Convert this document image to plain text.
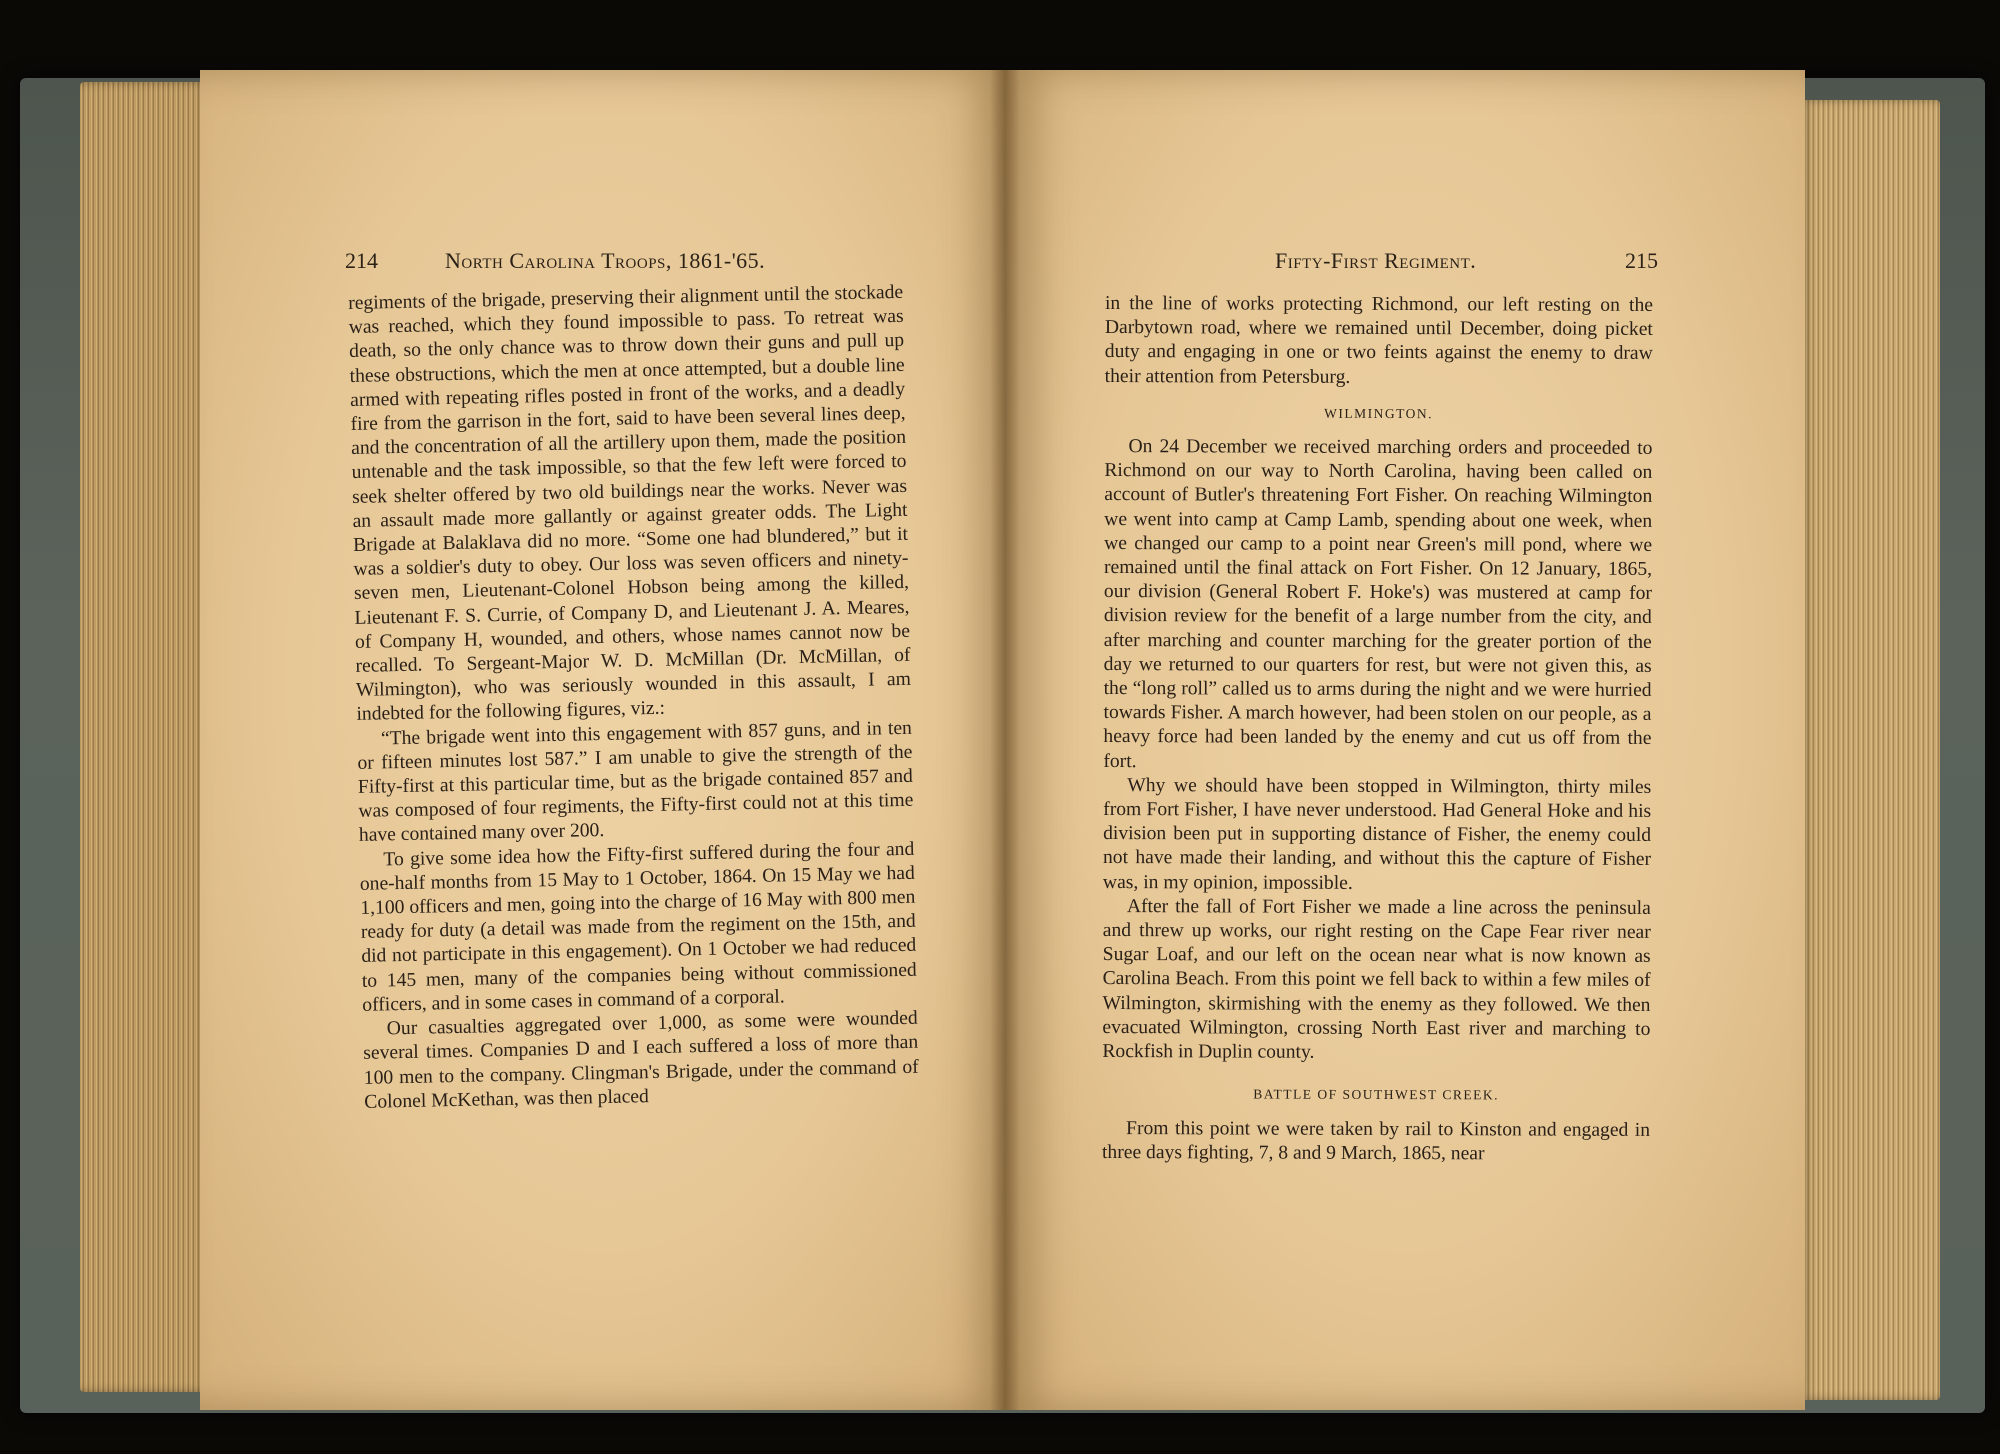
214	North Carolina Troops, 1861-'65.	Fifty-First Regiment.	215

regiments of the brigade, preserving their alignment until the stockade was reached, which they found impossible to pass. To retreat was death, so the only chance was to throw down their guns and pull up these obstructions, which the men at once attempted, but a double line armed with repeating rifles posted in front of the works, and a deadly fire from the garrison in the fort, said to have been several lines deep, and the concentration of all the artillery upon them, made the position untenable and the task impossible, so that the few left were forced to seek shelter offered by two old buildings near the works. Never was an assault made more gallantly or against greater odds. The Light Brigade at Balaklava did no more. “Some one had blundered,” but it was a soldier's duty to obey. Our loss was seven officers and ninety-seven men, Lieutenant-Colonel Hobson being among the killed, Lieutenant F. S. Currie, of Company D, and Lieutenant J. A. Meares, of Company H, wounded, and others, whose names cannot now be recalled. To Sergeant-Major W. D. McMillan (Dr. McMillan, of Wilmington), who was seriously wounded in this assault, I am indebted for the following figures, viz.:

“The brigade went into this engagement with 857 guns, and in ten or fifteen minutes lost 587.” I am unable to give the strength of the Fifty-first at this particular time, but as the brigade contained 857 and was composed of four regiments, the Fifty-first could not at this time have contained many over 200.

To give some idea how the Fifty-first suffered during the four and one-half months from 15 May to 1 October, 1864. On 15 May we had 1,100 officers and men, going into the charge of 16 May with 800 men ready for duty (a detail was made from the regiment on the 15th, and did not participate in this engagement). On 1 October we had reduced to 145 men, many of the companies being without commissioned officers, and in some cases in command of a corporal.

Our casualties aggregated over 1,000, as some were wounded several times. Companies D and I each suffered a loss of more than 100 men to the company. Clingman's Brigade, under the command of Colonel McKethan, was then placed

in the line of works protecting Richmond, our left resting on the Darbytown road, where we remained until December, doing picket duty and engaging in one or two feints against the enemy to draw their attention from Petersburg.

WILMINGTON.

On 24 December we received marching orders and proceeded to Richmond on our way to North Carolina, having been called on account of Butler's threatening Fort Fisher. On reaching Wilmington we went into camp at Camp Lamb, spending about one week, when we changed our camp to a point near Green's mill pond, where we remained until the final attack on Fort Fisher. On 12 January, 1865, our division (General Robert F. Hoke's) was mustered at camp for division review for the benefit of a large number from the city, and after marching and counter marching for the greater portion of the day we returned to our quarters for rest, but were not given this, as the “long roll” called us to arms during the night and we were hurried towards Fisher. A march however, had been stolen on our people, as a heavy force had been landed by the enemy and cut us off from the fort.

Why we should have been stopped in Wilmington, thirty miles from Fort Fisher, I have never understood. Had General Hoke and his division been put in supporting distance of Fisher, the enemy could not have made their landing, and without this the capture of Fisher was, in my opinion, impossible.

After the fall of Fort Fisher we made a line across the peninsula and threw up works, our right resting on the Cape Fear river near Sugar Loaf, and our left on the ocean near what is now known as Carolina Beach. From this point we fell back to within a few miles of Wilmington, skirmishing with the enemy as they followed. We then evacuated Wilmington, crossing North East river and marching to Rockfish in Duplin county.

BATTLE OF SOUTHWEST CREEK.

From this point we were taken by rail to Kinston and engaged in three days fighting, 7, 8 and 9 March, 1865, near
